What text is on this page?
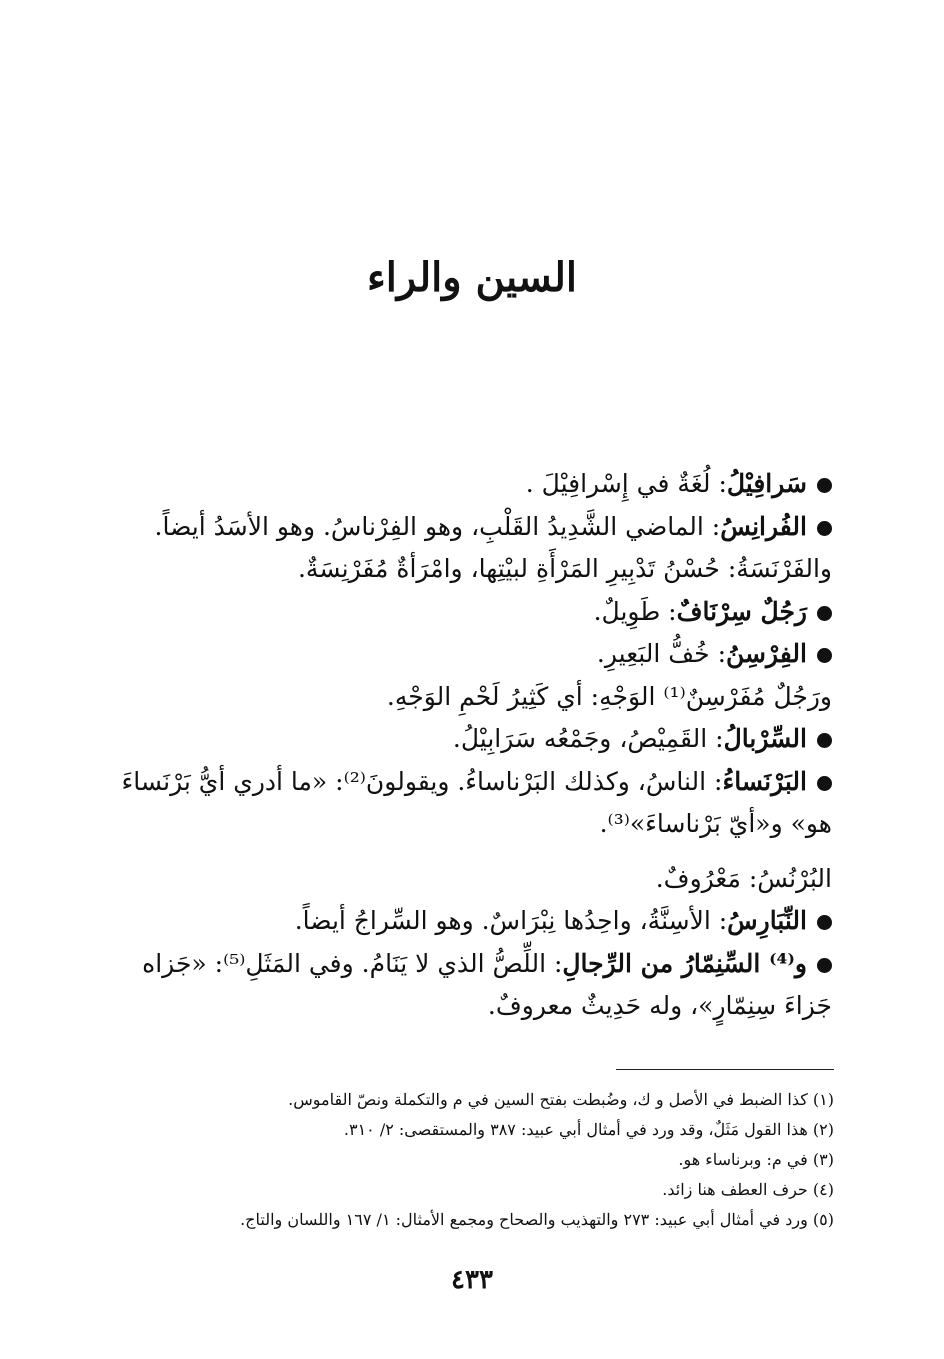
السين والراء

سَرافِيْلُ: لُغَةٌ في إِسْرافِيْلَ .

الفُرانِسُ: الماضي الشَّدِيدُ القَلْبِ، وهو الفِرْناسُ. وهو الأسَدُ أيضاً.

والفَرْنَسَةُ: حُسْنُ تَدْبِيرِ المَرْأَةِ لبيْتِها، وامْرَأةٌ مُفَرْنِسَةٌ.

رَجُلٌ سِرْنَافٌ: طَوِيلٌ.

الفِرْسِنُ: خُفُّ البَعِيرِ.

ورَجُلٌ مُفَرْسِنٌ⁽¹⁾ الوَجْهِ: أي كَثِيرُ لَحْمِ الوَجْهِ.

السِّرْبالُ: القَمِيْصُ، وجَمْعُه سَرَابِيْلُ.

البَرْنَساءُ: الناسُ، وكذلك البَرْناساءُ. ويقولونَ⁽²⁾: «ما أدري أيُّ بَرْنَساءَ هو» و«أيّ بَرْناساءَ»⁽³⁾.

البُرْنُسُ: مَعْرُوفٌ.

النِّبَارِسُ: الأسِنَّةُ، واحِدُها نِبْرَاسٌ. وهو السِّراجُ أيضاً.

و⁽⁴⁾ السِّنِمّارُ من الرِّجالِ: اللِّصُّ الذي لا يَنَامُ. وفي المَثَلِ⁽⁵⁾: «جَزاه جَزاءَ سِنِمّارٍ»، وله حَدِيثٌ معروفٌ.

(١) كذا الضبط في الأصل و ك، وضُبطت بفتح السين في م والتكملة ونصّ القاموس.

(٢) هذا القول مَثَلٌ، وقد ورد في أمثال أبي عبيد: ٣٨٧ والمستقصى: ٢/ ٣١٠.

(٣) في م: وبرناساء هو.

(٤) حرف العطف هنا زائد.

(٥) ورد في أمثال أبي عبيد: ٢٧٣ والتهذيب والصحاح ومجمع الأمثال: ١/ ١٦٧ واللسان والتاج.

٤٣٣
